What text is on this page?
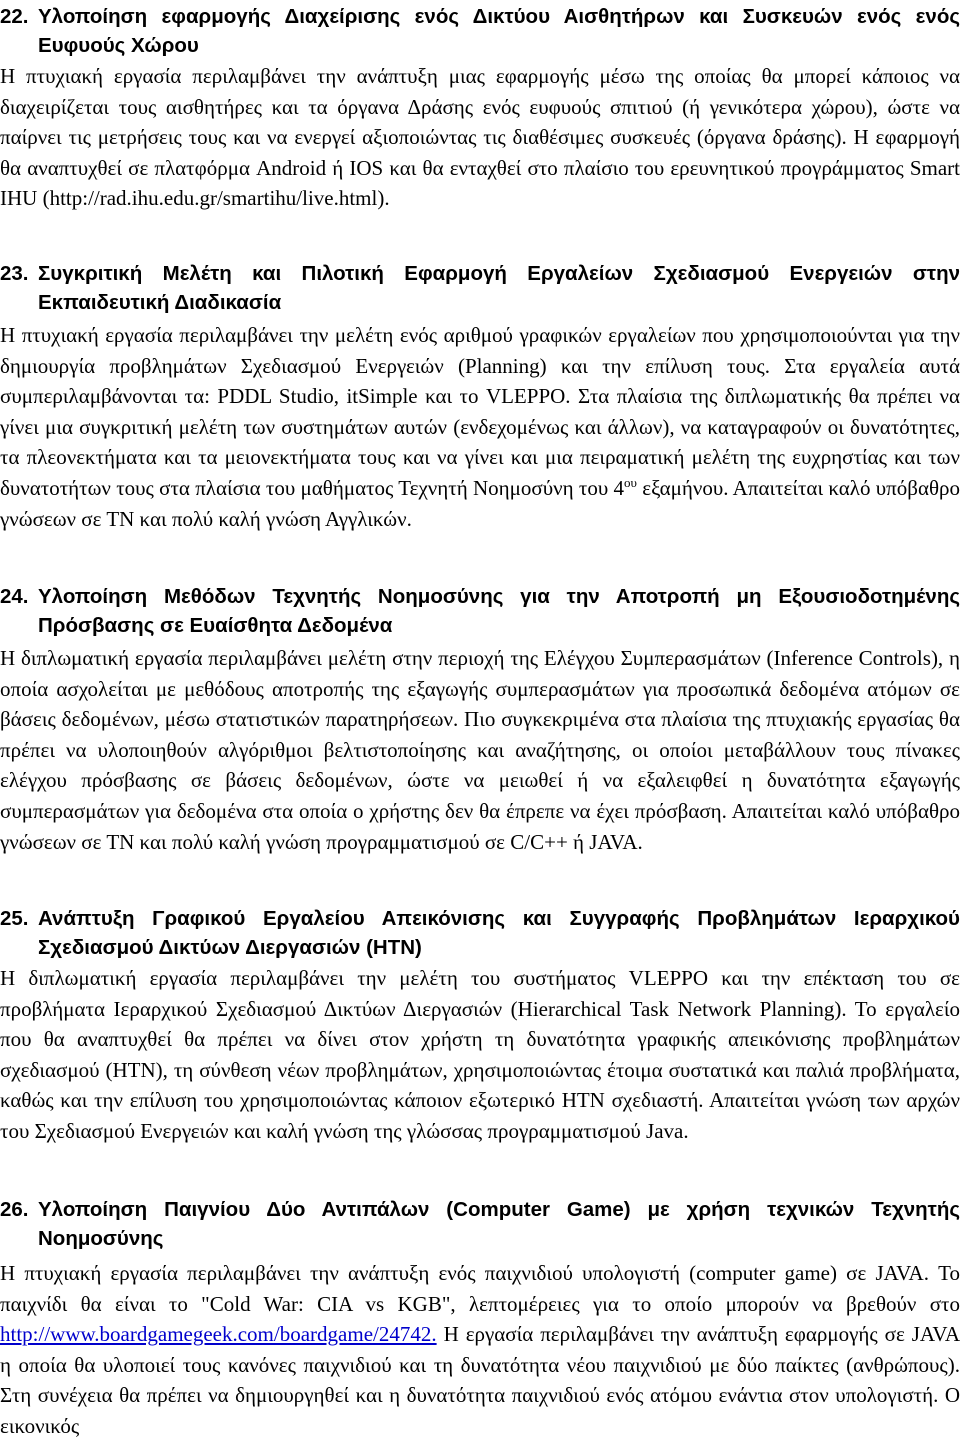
22. Υλοποίηση εφαρμογής Διαχείρισης ενός Δικτύου Αισθητήρων και Συσκευών ενός ενός Ευφυούς Χώρου
Η πτυχιακή εργασία περιλαμβάνει την ανάπτυξη μιας εφαρμογής μέσω της οποίας θα μπορεί κάποιος να διαχειρίζεται τους αισθητήρες και τα όργανα Δράσης ενός ευφυούς σπιτιού (ή γενικότερα χώρου), ώστε να παίρνει τις μετρήσεις τους και να ενεργεί αξιοποιώντας τις διαθέσιμες συσκευές (όργανα δράσης). Η εφαρμογή θα αναπτυχθεί σε πλατφόρμα Android ή IOS και θα ενταχθεί στο πλαίσιο του ερευνητικού προγράμματος Smart IHU (http://rad.ihu.edu.gr/smartihu/live.html).
23. Συγκριτική Μελέτη και Πιλοτική Εφαρμογή Εργαλείων Σχεδιασμού Ενεργειών στην Εκπαιδευτική Διαδικασία
Η πτυχιακή εργασία περιλαμβάνει την μελέτη ενός αριθμού γραφικών εργαλείων που χρησιμοποιούνται για την δημιουργία προβλημάτων Σχεδιασμού Ενεργειών (Planning) και την επίλυση τους. Στα εργαλεία αυτά συμπεριλαμβάνονται τα: PDDL Studio, itSimple και το VLEPPO. Στα πλαίσια της διπλωματικής θα πρέπει να γίνει μια συγκριτική μελέτη των συστημάτων αυτών (ενδεχομένως και άλλων), να καταγραφούν οι δυνατότητες, τα πλεονεκτήματα και τα μειονεκτήματα τους και να γίνει και μια πειραματική μελέτη της ευχρηστίας και των δυνατοτήτων τους στα πλαίσια του μαθήματος Τεχνητή Νοημοσύνη του $4^{o\upsilon}$ εξαμήνου. Απαιτείται καλό υπόβαθρο γνώσεων σε ΤΝ και πολύ καλή γνώση Αγγλικών.
24. Υλοποίηση Μεθόδων Τεχνητής Νοημοσύνης για την Αποτροπή μη Εξουσιοδοτημένης Πρόσβασης σε Ευαίσθητα Δεδομένα
Η διπλωματική εργασία περιλαμβάνει μελέτη στην περιοχή της Ελέγχου Συμπερασμάτων (Inference Controls), η οποία ασχολείται με μεθόδους αποτροπής της εξαγωγής συμπερασμάτων για προσωπικά δεδομένα ατόμων σε βάσεις δεδομένων, μέσω στατιστικών παρατηρήσεων. Πιο συγκεκριμένα στα πλαίσια της πτυχιακής εργασίας θα πρέπει να υλοποιηθούν αλγόριθμοι βελτιστοποίησης και αναζήτησης, οι οποίοι μεταβάλλουν τους πίνακες ελέγχου πρόσβασης σε βάσεις δεδομένων, ώστε να μειωθεί ή να εξαλειφθεί η δυνατότητα εξαγωγής συμπερασμάτων για δεδομένα στα οποία ο χρήστης δεν θα έπρεπε να έχει πρόσβαση. Απαιτείται καλό υπόβαθρο γνώσεων σε ΤΝ και πολύ καλή γνώση προγραμματισμού σε C/C++ ή JAVA.
25. Ανάπτυξη Γραφικού Εργαλείου Απεικόνισης και Συγγραφής Προβλημάτων Ιεραρχικού Σχεδιασμού Δικτύων Διεργασιών (HTN)
Η διπλωματική εργασία περιλαμβάνει την μελέτη του συστήματος VLEPPO και την επέκταση του σε προβλήματα Ιεραρχικού Σχεδιασμού Δικτύων Διεργασιών (Hierarchical Task Network Planning). Το εργαλείο που θα αναπτυχθεί θα πρέπει να δίνει στον χρήστη τη δυνατότητα γραφικής απεικόνισης προβλημάτων σχεδιασμού (HTN), τη σύνθεση νέων προβλημάτων, χρησιμοποιώντας έτοιμα συστατικά και παλιά προβλήματα, καθώς και την επίλυση του χρησιμοποιώντας κάποιον εξωτερικό HTN σχεδιαστή. Απαιτείται γνώση των αρχών του Σχεδιασμού Ενεργειών και καλή γνώση της γλώσσας προγραμματισμού Java.
26. Υλοποίηση Παιγνίου Δύο Αντιπάλων (Computer Game) με χρήση τεχνικών Τεχνητής Νοημοσύνης
Η πτυχιακή εργασία περιλαμβάνει την ανάπτυξη ενός παιχνιδιού υπολογιστή (computer game) σε JAVA. Το παιχνίδι θα είναι το "Cold War: CIA vs KGB", λεπτομέρειες για το οποίο μπορούν να βρεθούν στο http://www.boardgamegeek.com/boardgame/24742. Η εργασία περιλαμβάνει την ανάπτυξη εφαρμογής σε JAVA η οποία θα υλοποιεί τους κανόνες παιχνιδιού και τη δυνατότητα νέου παιχνιδιού με δύο παίκτες (ανθρώπους). Στη συνέχεια θα πρέπει να δημιουργηθεί και η δυνατότητα παιχνιδιού ενός ατόμου ενάντια στον υπολογιστή. Ο εικονικός
